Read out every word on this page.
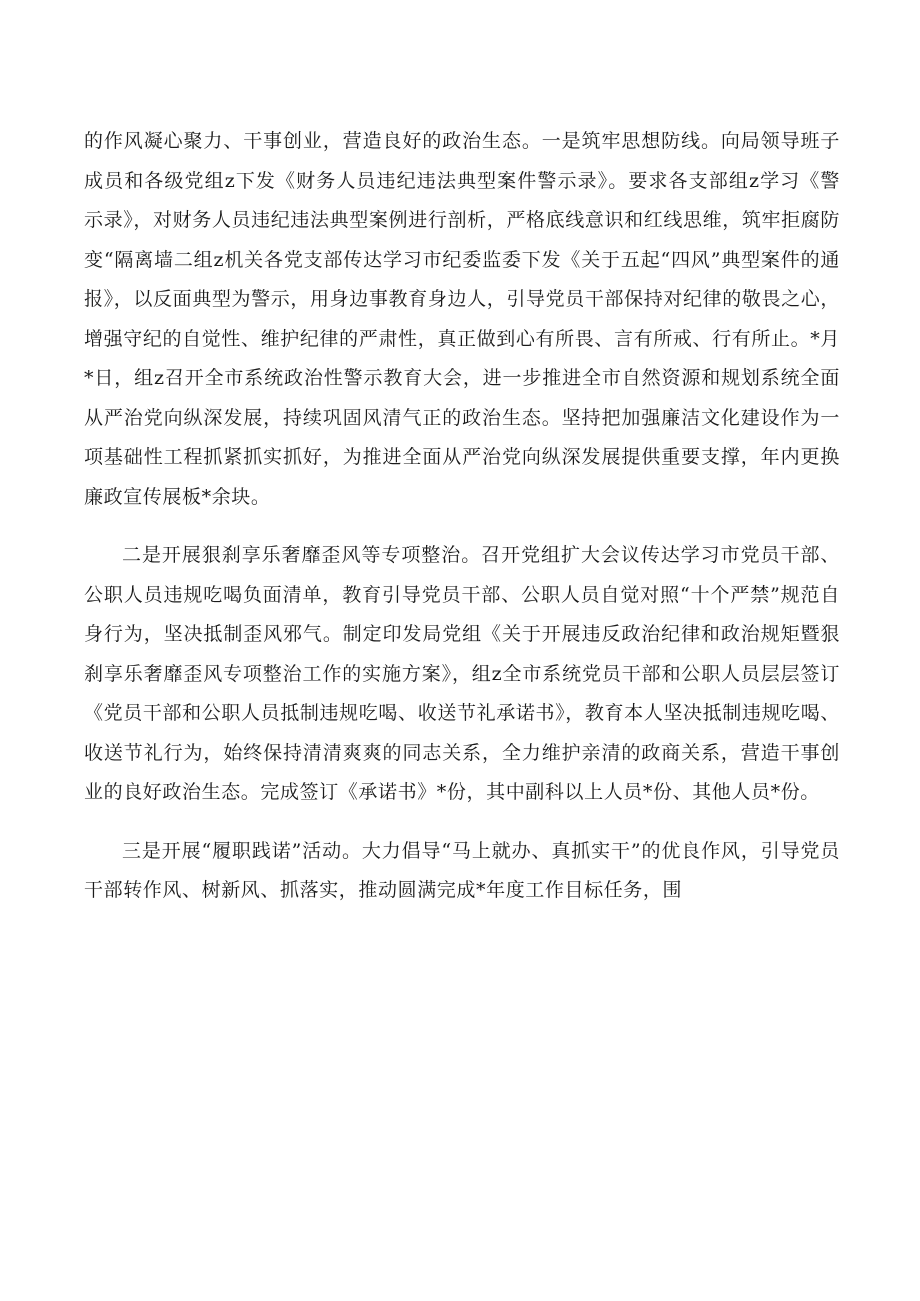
的作风凝心聚力、干事创业，营造良好的政治生态。一是筑牢思想防线。向局领导班子成员和各级党组z下发《财务人员违纪违法典型案件警示录》。要求各支部组z学习《警示录》，对财务人员违纪违法典型案例进行剖析，严格底线意识和红线思维，筑牢拒腐防变“隔离墙二组z机关各党支部传达学习市纪委监委下发《关于五起“四风”典型案件的通报》，以反面典型为警示，用身边事教育身边人，引导党员干部保持对纪律的敬畏之心，增强守纪的自觉性、维护纪律的严肃性，真正做到心有所畏、言有所戒、行有所止。*月*日，组z召开全市系统政治性警示教育大会，进一步推进全市自然资源和规划系统全面从严治党向纵深发展，持续巩固风清气正的政治生态。坚持把加强廉洁文化建设作为一项基础性工程抓紧抓实抓好，为推进全面从严治党向纵深发展提供重要支撑，年内更换廉政宣传展板*余块。

二是开展狠刹享乐奢靡歪风等专项整治。召开党组扩大会议传达学习市党员干部、公职人员违规吃喝负面清单，教育引导党员干部、公职人员自觉对照“十个严禁”规范自身行为，坚决抵制歪风邪气。制定印发局党组《关于开展违反政治纪律和政治规矩暨狠刹享乐奢靡歪风专项整治工作的实施方案》，组z全市系统党员干部和公职人员层层签订《党员干部和公职人员抵制违规吃喝、收送节礼承诺书》，教育本人坚决抵制违规吃喝、收送节礼行为，始终保持清清爽爽的同志关系，全力维护亲清的政商关系，营造干事创业的良好政治生态。完成签订《承诺书》*份，其中副科以上人员*份、其他人员*份。

三是开展“履职践诺”活动。大力倡导“马上就办、真抓实干”的优良作风，引导党员干部转作风、树新风、抓落实，推动圆满完成*年度工作目标任务，围
